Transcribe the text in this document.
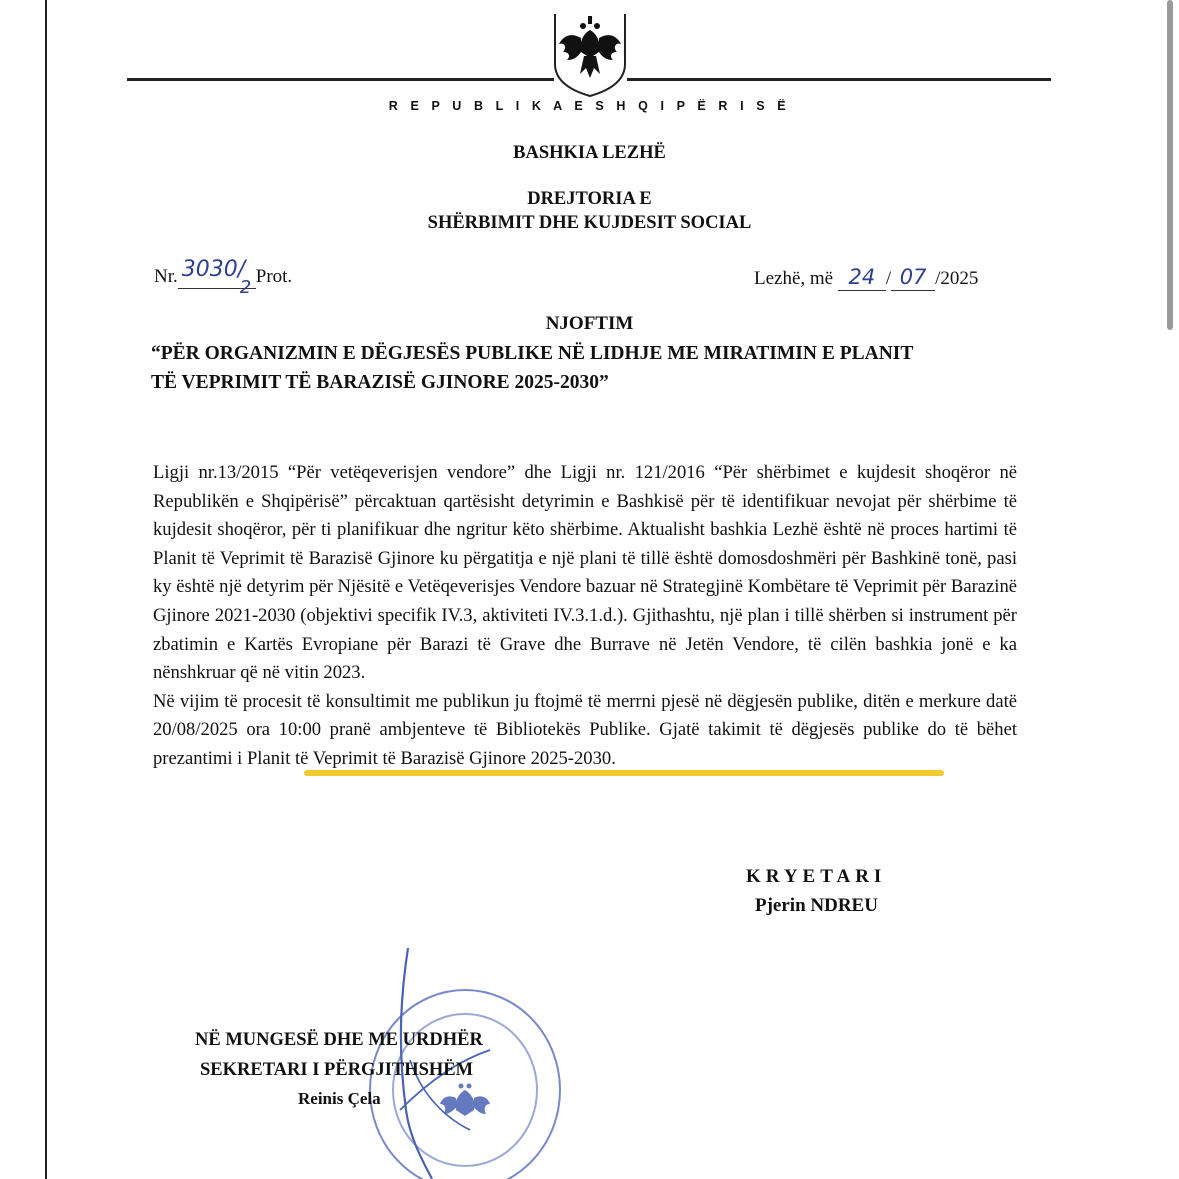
R E P U B L I K A E S H Q I P Ë R I S Ë
BASHKIA LEZHË
DREJTORIA E
SHËRBIMIT DHE KUJDESIT SOCIAL
Nr. 3030/
2
Prot.	Lezhë, më 24 / 07 /2025
NJOFTIM
“PËR ORGANIZMIN E DËGJESËS PUBLIKE NË LIDHJE ME MIRATIMIN E PLANIT
TË VEPRIMIT TË BARAZISË GJINORE 2025-2030”

Ligji nr.13/2015 “Për vetëqeverisjen vendore” dhe Ligji nr. 121/2016 “Për shërbimet e kujdesit shoqëror në Republikën e Shqipërisë” përcaktuan qartësisht detyrimin e Bashkisë për të identifikuar nevojat për shërbime të kujdesit shoqëror, për ti planifikuar dhe ngritur këto shërbime. Aktualisht bashkia Lezhë është në proces hartimi të Planit të Veprimit të Barazisë Gjinore ku përgatitja e një plani të tillë është domosdoshmëri për Bashkinë tonë, pasi ky është një detyrim për Njësitë e Vetëqeverisjes Vendore bazuar në Strategjinë Kombëtare të Veprimit për Barazinë Gjinore 2021-2030 (objektivi specifik IV.3, aktiviteti IV.3.1.d.). Gjithashtu, një plan i tillë shërben si instrument për zbatimin e Kartës Evropiane për Barazi të Grave dhe Burrave në Jetën Vendore, të cilën bashkia jonë e ka nënshkruar që në vitin 2023.

Në vijim të procesit të konsultimit me publikun ju ftojmë të merrni pjesë në dëgjesën publike, ditën e merkure datë 20/08/2025 ora 10:00 pranë ambjenteve të Bibliotekës Publike. Gjatë takimit të dëgjesës publike do të bëhet prezantimi i Planit të Veprimit të Barazisë Gjinore 2025-2030.

KRYETARI
Pjerin NDREU
NË MUNGESË DHE ME URDHËR
SEKRETARI I PËRGJITHSHËM
Reinis Çela
